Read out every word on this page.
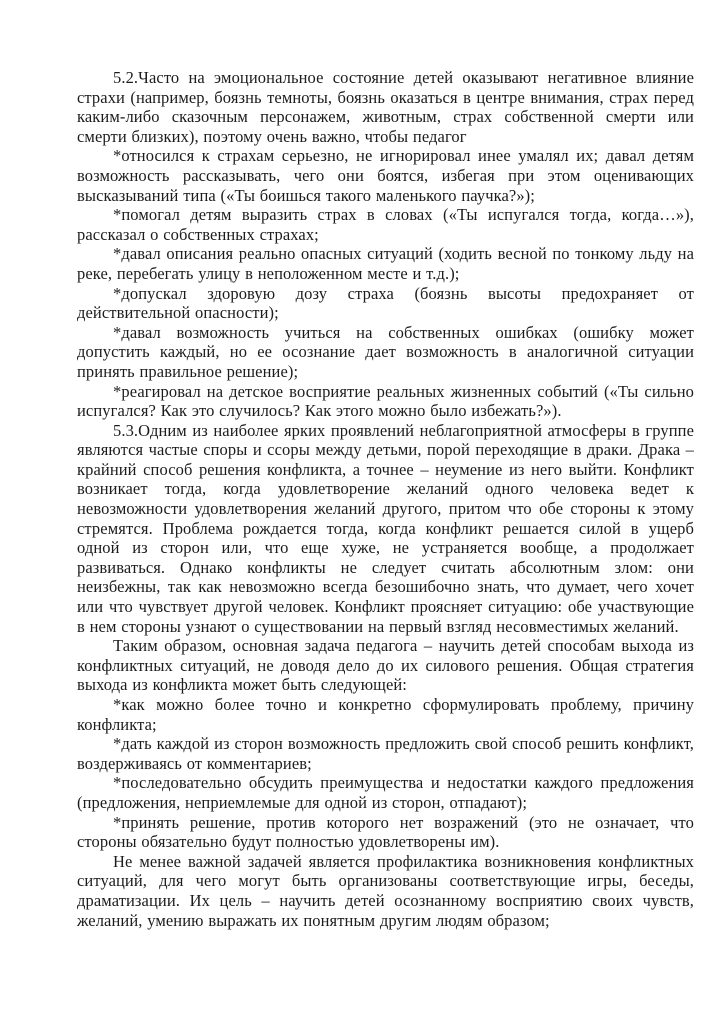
5.2.Часто на эмоциональное состояние детей оказывают негативное влияние страхи (например, боязнь темноты, боязнь оказаться в центре внимания, страх перед каким-либо сказочным персонажем, животным, страх собственной смерти или смерти близких), поэтому очень важно, чтобы педагог

*относился к страхам серьезно, не игнорировал инее умалял их; давал детям возможность рассказывать, чего они боятся, избегая при этом оценивающих высказываний типа («Ты боишься такого маленького паучка?»);

*помогал детям выразить страх в словах («Ты испугался тогда, когда…»), рассказал о собственных страхах;

*давал описания реально опасных ситуаций (ходить весной по тонкому льду на реке, перебегать улицу в неположенном месте и т.д.);

*допускал здоровую дозу страха (боязнь высоты предохраняет от действительной опасности);

*давал возможность учиться на собственных ошибках (ошибку может допустить каждый, но ее осознание дает возможность в аналогичной ситуации принять правильное решение);

*реагировал на детское восприятие реальных жизненных событий («Ты сильно испугался? Как это случилось? Как этого можно было избежать?»).

5.3.Одним из наиболее ярких проявлений неблагоприятной атмосферы в группе являются частые споры и ссоры между детьми, порой переходящие в драки. Драка – крайний способ решения конфликта, а точнее – неумение из него выйти. Конфликт возникает тогда, когда удовлетворение желаний одного человека ведет к невозможности удовлетворения желаний другого, притом что обе стороны к этому стремятся. Проблема рождается тогда, когда конфликт решается силой в ущерб одной из сторон или, что еще хуже, не устраняется вообще, а продолжает развиваться. Однако конфликты не следует считать абсолютным злом: они неизбежны, так как невозможно всегда безошибочно знать, что думает, чего хочет или что чувствует другой человек. Конфликт проясняет ситуацию: обе участвующие в нем стороны узнают о существовании на первый взгляд несовместимых желаний.

Таким образом, основная задача педагога – научить детей способам выхода из конфликтных ситуаций, не доводя дело до их силового решения. Общая стратегия выхода из конфликта может быть следующей:

*как можно более точно и конкретно сформулировать проблему, причину конфликта;

*дать каждой из сторон возможность предложить свой способ решить конфликт, воздерживаясь от комментариев;

*последовательно обсудить преимущества и недостатки каждого предложения (предложения, неприемлемые для одной из сторон, отпадают);

*принять решение, против которого нет возражений (это не означает, что стороны обязательно будут полностью удовлетворены им).

Не менее важной задачей является профилактика возникновения конфликтных ситуаций, для чего могут быть организованы соответствующие игры, беседы, драматизации. Их цель – научить детей осознанному восприятию своих чувств, желаний, умению выражать их понятным другим людям образом;
